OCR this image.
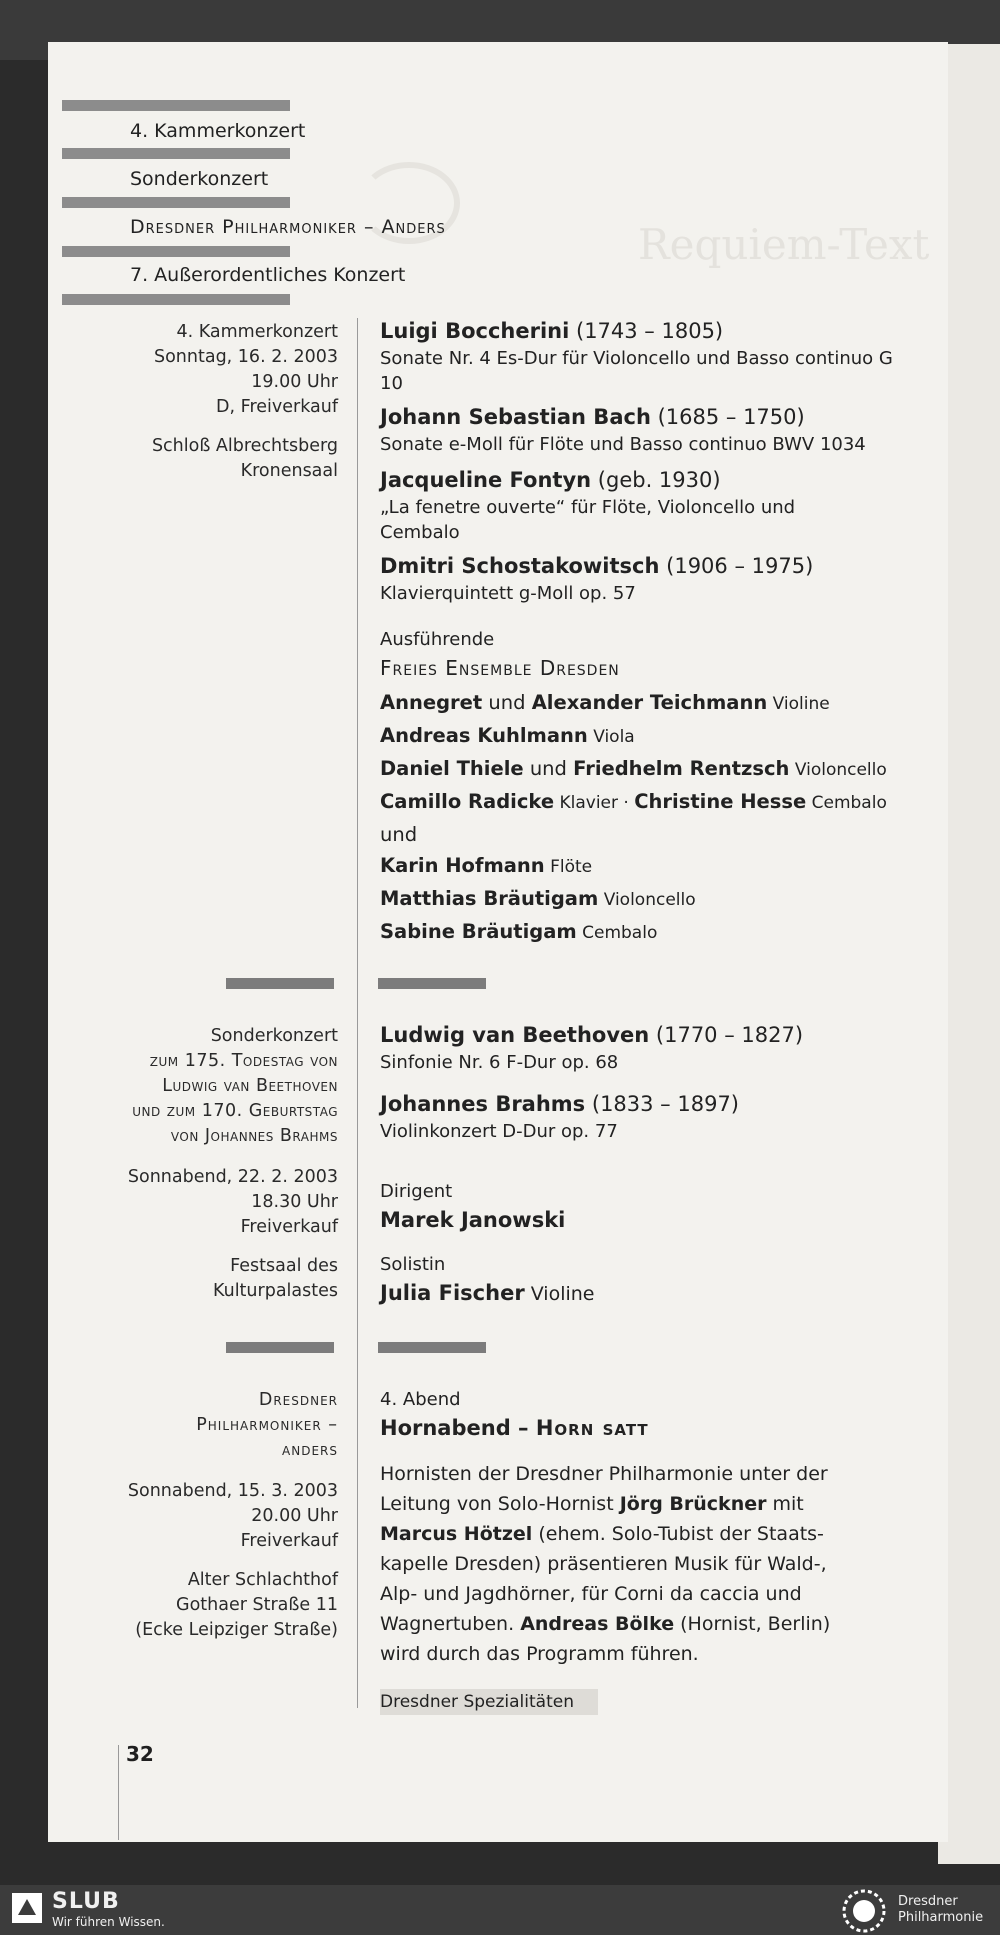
Requiem-Text
4. Kammerkonzert
Sonderkonzert
Dresdner Philharmoniker – Anders
7. Außerordentliches Konzert
4. Kammerkonzert
Sonntag, 16. 2. 2003
19.00 Uhr
D, Freiverkauf
Schloß Albrechtsberg
Kronensaal
Luigi Boccherini (1743 – 1805)
Sonate Nr. 4 Es-Dur für Violoncello und Basso continuo G 10
Johann Sebastian Bach (1685 – 1750)
Sonate e-Moll für Flöte und Basso continuo BWV 1034
Jacqueline Fontyn (geb. 1930)
„La fenetre ouverte“ für Flöte, Violoncello und Cembalo
Dmitri Schostakowitsch (1906 – 1975)
Klavierquintett g-Moll op. 57
Ausführende
Freies Ensemble Dresden
Annegret und Alexander Teichmann Violine
Andreas Kuhlmann Viola
Daniel Thiele und Friedhelm Rentzsch Violoncello
Camillo Radicke Klavier · Christine Hesse Cembalo
und
Karin Hofmann Flöte
Matthias Bräutigam Violoncello
Sabine Bräutigam Cembalo
Sonderkonzert
zum 175. Todestag von
Ludwig van Beethoven
und zum 170. Geburtstag
von Johannes Brahms
Sonnabend, 22. 2. 2003
18.30 Uhr
Freiverkauf
Festsaal des
Kulturpalastes
Ludwig van Beethoven (1770 – 1827)
Sinfonie Nr. 6 F-Dur op. 68
Johannes Brahms (1833 – 1897)
Violinkonzert D-Dur op. 77
Dirigent
Marek Janowski
Solistin
Julia Fischer Violine
Dresdner
Philharmoniker –
anders
Sonnabend, 15. 3. 2003
20.00 Uhr
Freiverkauf
Alter Schlachthof
Gothaer Straße 11
(Ecke Leipziger Straße)
4. Abend
Hornabend – Horn satt
Hornisten der Dresdner Philharmonie unter der
Leitung von Solo-Hornist Jörg Brückner mit
Marcus Hötzel (ehem. Solo-Tubist der Staats-
kapelle Dresden) präsentieren Musik für Wald-,
Alp- und Jagdhörner, für Corni da caccia und
Wagnertuben. Andreas Bölke (Hornist, Berlin)
wird durch das Programm führen.
Dresdner Spezialitäten
32
SLUB
Wir führen Wissen.
Dresdner
Philharmonie
